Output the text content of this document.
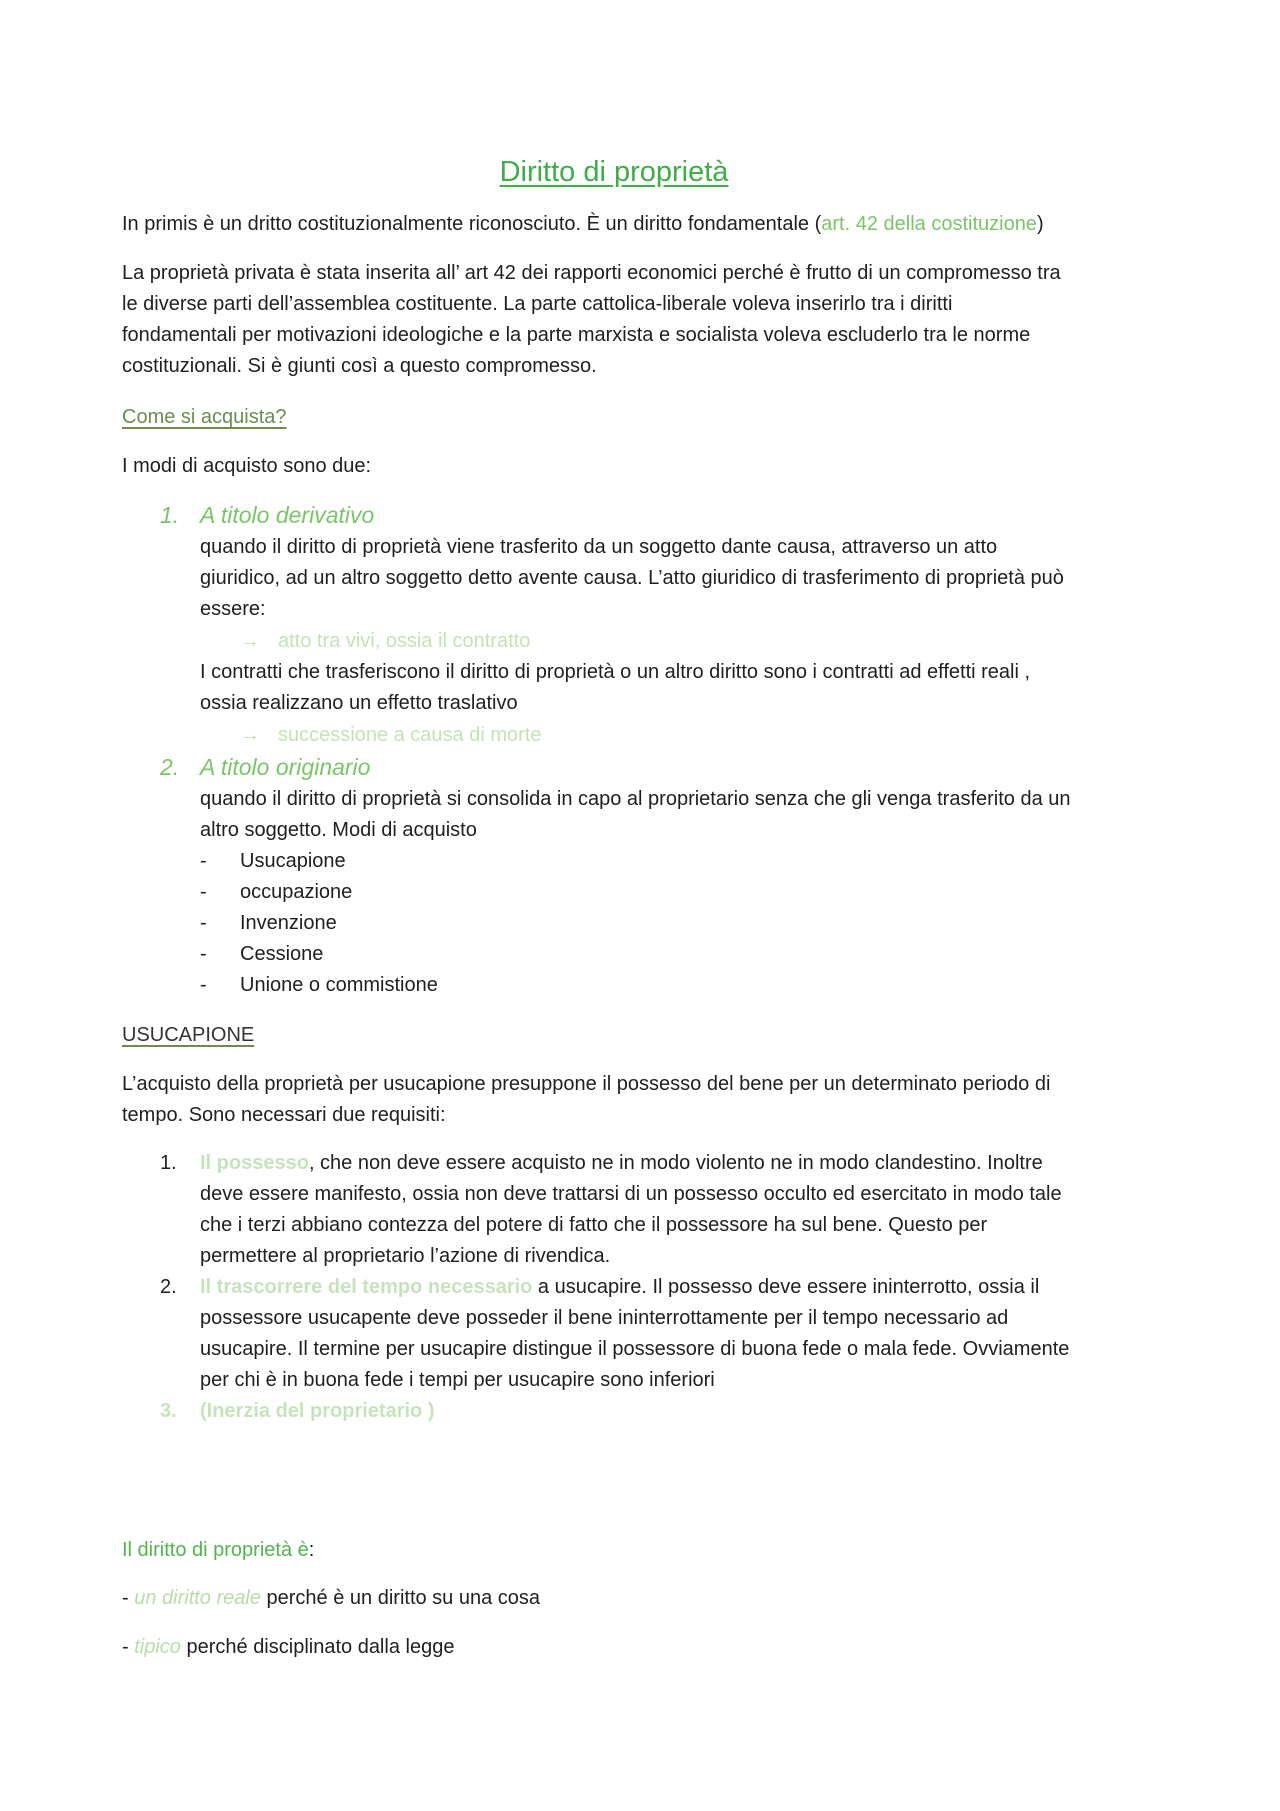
Diritto di proprietà

In primis è un dritto costituzionalmente riconosciuto. È un diritto fondamentale (art. 42 della costituzione)

La proprietà privata è stata inserita all’ art 42 dei rapporti economici perché è frutto di un compromesso tra

le diverse parti dell’assemblea costituente. La parte cattolica-liberale voleva inserirlo tra i diritti

fondamentali per motivazioni ideologiche e la parte marxista e socialista voleva escluderlo tra le norme

costituzionali. Si è giunti così a questo compromesso.

Come si acquista?

I modi di acquisto sono due:

1. A titolo derivativo

quando il diritto di proprietà viene trasferito da un soggetto dante causa, attraverso un atto

giuridico, ad un altro soggetto detto avente causa. L’atto giuridico di trasferimento di proprietà può

essere:

→ atto tra vivi, ossia il contratto

I contratti che trasferiscono il diritto di proprietà o un altro diritto sono i contratti ad effetti reali ,

ossia realizzano un effetto traslativo

→ successione a causa di morte
2. A titolo originario

quando il diritto di proprietà si consolida in capo al proprietario senza che gli venga trasferito da un

altro soggetto. Modi di acquisto

- Usucapione
- occupazione
- Invenzione
- Cessione
- Unione o commistione

USUCAPIONE

L’acquisto della proprietà per usucapione presuppone il possesso del bene per un determinato periodo di

tempo. Sono necessari due requisiti:

1. Il possesso, che non deve essere acquisto ne in modo violento ne in modo clandestino. Inoltre

deve essere manifesto, ossia non deve trattarsi di un possesso occulto ed esercitato in modo tale

che i terzi abbiano contezza del potere di fatto che il possessore ha sul bene. Questo per

permettere al proprietario l’azione di rivendica.

2. Il trascorrere del tempo necessario a usucapire. Il possesso deve essere ininterrotto, ossia il

possessore usucapente deve posseder il bene ininterrottamente per il tempo necessario ad

usucapire. Il termine per usucapire distingue il possessore di buona fede o mala fede. Ovviamente

per chi è in buona fede i tempi per usucapire sono inferiori

3. (Inerzia del proprietario )

Il diritto di proprietà è:

- un diritto reale perché è un diritto su una cosa

- tipico perché disciplinato dalla legge
